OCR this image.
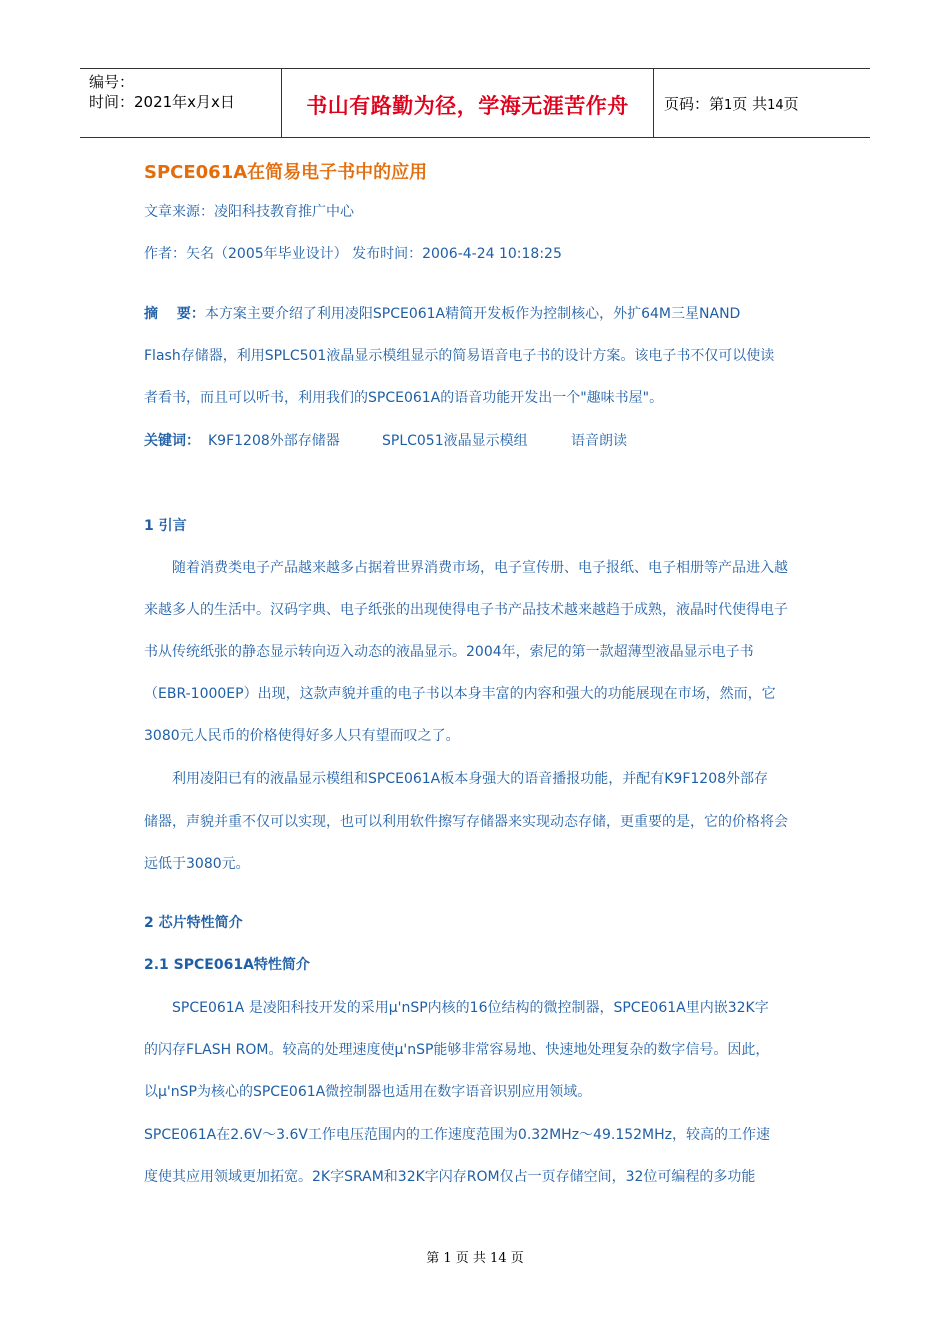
编号：
时间：2021年x月x日	书山有路勤为径，学海无涯苦作舟	页码：第1页 共14页
SPCE061A在简易电子书中的应用
文章来源：凌阳科技教育推广中心
作者：矢名（2005年毕业设计） 发布时间：2006-4-24 10:18:25
摘　 要：本方案主要介绍了利用凌阳SPCE061A精简开发板作为控制核心，外扩64M三星NAND
Flash存储器，利用SPLC501液晶显示模组显示的简易语音电子书的设计方案。该电子书不仅可以使读
者看书，而且可以听书，利用我们的SPCE061A的语音功能开发出一个"趣味书屋"。
关键词： K9F1208外部存储器	SPLC051液晶显示模组	语音朗读
1 引言
随着消费类电子产品越来越多占据着世界消费市场，电子宣传册、电子报纸、电子相册等产品进入越
来越多人的生活中。汉码字典、电子纸张的出现使得电子书产品技术越来越趋于成熟，液晶时代使得电子
书从传统纸张的静态显示转向迈入动态的液晶显示。2004年，索尼的第一款超薄型液晶显示电子书
（EBR-1000EP）出现，这款声貌并重的电子书以本身丰富的内容和强大的功能展现在市场，然而，它
3080元人民币的价格使得好多人只有望而叹之了。
利用凌阳已有的液晶显示模组和SPCE061A板本身强大的语音播报功能，并配有K9F1208外部存
储器，声貌并重不仅可以实现，也可以利用软件擦写存储器来实现动态存储，更重要的是，它的价格将会
远低于3080元。
2 芯片特性简介
2.1 SPCE061A特性简介
SPCE061A 是凌阳科技开发的采用μ'nSP内核的16位结构的微控制器，SPCE061A里内嵌32K字
的闪存FLASH ROM。较高的处理速度使μ'nSP能够非常容易地、快速地处理复杂的数字信号。因此，
以μ'nSP为核心的SPCE061A微控制器也适用在数字语音识别应用领域。
SPCE061A在2.6V～3.6V工作电压范围内的工作速度范围为0.32MHz～49.152MHz，较高的工作速
度使其应用领域更加拓宽。2K字SRAM和32K字闪存ROM仅占一页存储空间，32位可编程的多功能
第 1 页 共 14 页
